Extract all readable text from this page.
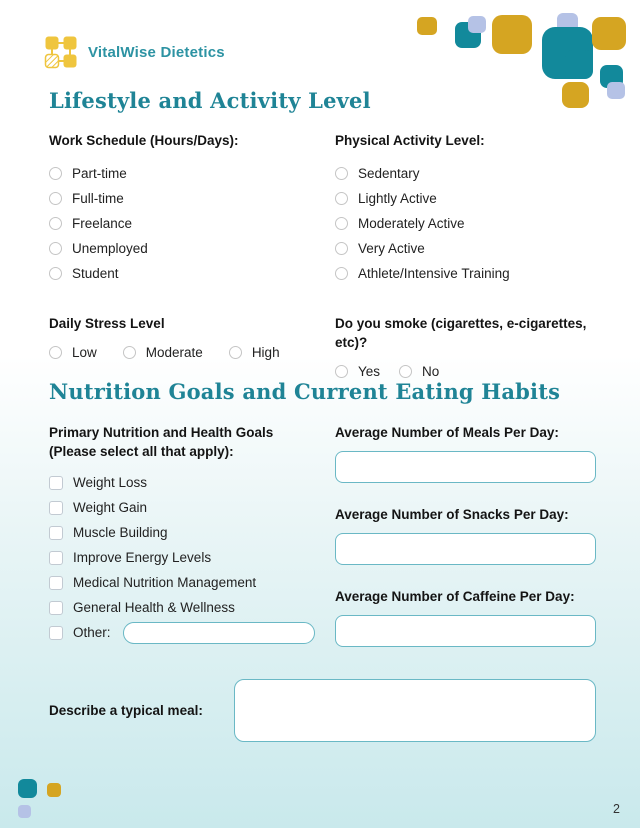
VitalWise Dietetics
Lifestyle and Activity Level
Work Schedule (Hours/Days):
Part-time
Full-time
Freelance
Unemployed
Student
Physical Activity Level:
Sedentary
Lightly Active
Moderately Active
Very Active
Athlete/Intensive Training
Daily Stress Level
Low	Moderate	High
Do you smoke (cigarettes, e-cigarettes, etc)?
Yes	No
Nutrition Goals and Current Eating Habits
Primary Nutrition and Health Goals (Please select all that apply):
Weight Loss
Weight Gain
Muscle Building
Improve Energy Levels
Medical Nutrition Management
General Health & Wellness
Other:
Average Number of Meals Per Day:
Average Number of Snacks Per Day:
Average Number of Caffeine Per Day:
Describe a typical meal:
2
